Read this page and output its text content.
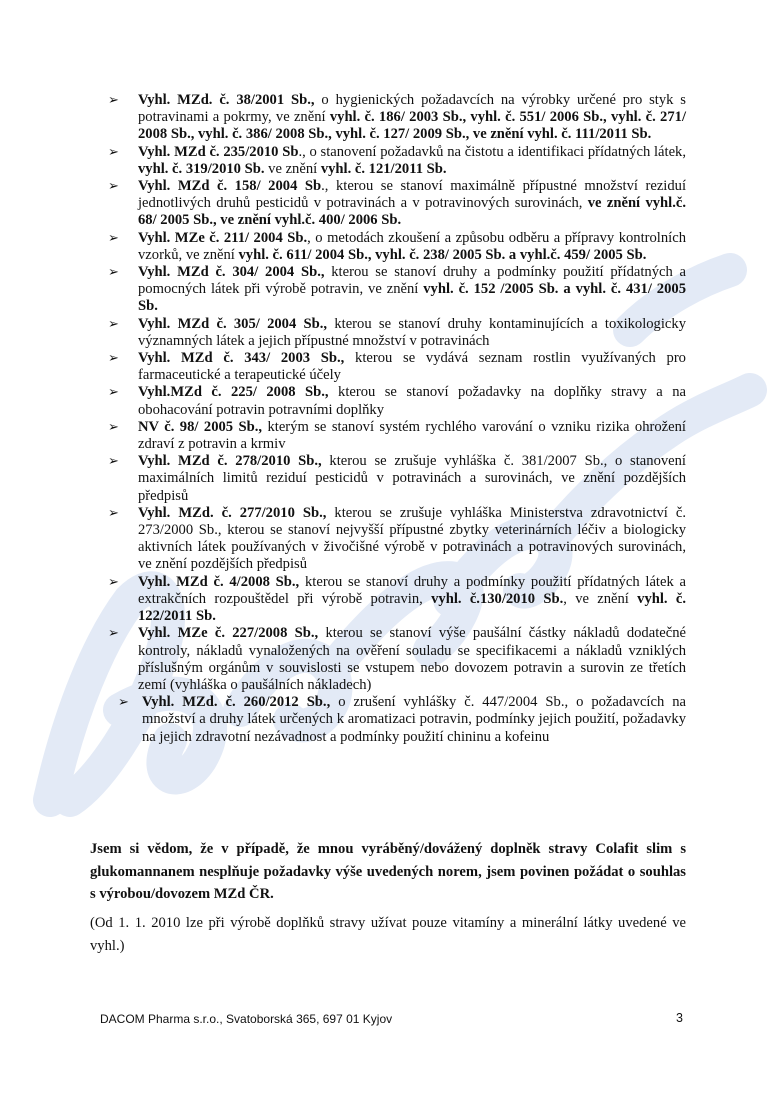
➢ Vyhl. MZd. č. 38/2001 Sb., o hygienických požadavcích na výrobky určené pro styk s potravinami a pokrmy, ve znění vyhl. č. 186/ 2003 Sb., vyhl. č. 551/ 2006 Sb., vyhl. č. 271/ 2008 Sb., vyhl. č. 386/ 2008 Sb., vyhl. č. 127/ 2009 Sb., ve znění vyhl. č. 111/2011 Sb.
➢ Vyhl. MZd č. 235/2010 Sb., o stanovení požadavků na čistotu a identifikaci přídatných látek, vyhl. č. 319/2010 Sb. ve znění vyhl. č. 121/2011 Sb.
➢ Vyhl. MZd č. 158/ 2004 Sb., kterou se stanoví maximálně přípustné množství reziduí jednotlivých druhů pesticidů v potravinách a v potravinových surovinách, ve znění vyhl.č. 68/ 2005 Sb., ve znění vyhl.č. 400/ 2006 Sb.
➢ Vyhl. MZe č. 211/ 2004 Sb., o metodách zkoušení a způsobu odběru a přípravy kontrolních vzorků, ve znění vyhl. č. 611/ 2004 Sb., vyhl. č. 238/ 2005 Sb. a vyhl.č. 459/ 2005 Sb.
➢ Vyhl. MZd č. 304/ 2004 Sb., kterou se stanoví druhy a podmínky použití přídatných a pomocných látek při výrobě potravin, ve znění vyhl. č. 152 /2005 Sb. a vyhl. č. 431/ 2005 Sb.
➢ Vyhl. MZd č. 305/ 2004 Sb., kterou se stanoví druhy kontaminujících a toxikologicky významných látek a jejich přípustné množství v potravinách
➢ Vyhl. MZd č. 343/ 2003 Sb., kterou se vydává seznam rostlin využívaných pro farmaceutické a terapeutické účely
➢ Vyhl.MZd č. 225/ 2008 Sb., kterou se stanoví požadavky na doplňky stravy a na obohacování potravin potravními doplňky
➢ NV č. 98/ 2005 Sb., kterým se stanoví systém rychlého varování o vzniku rizika ohrožení zdraví z potravin a krmiv
➢ Vyhl. MZd č. 278/2010 Sb., kterou se zrušuje vyhláška č. 381/2007 Sb., o stanovení maximálních limitů reziduí pesticidů v potravinách a surovinách, ve znění pozdějších předpisů
➢ Vyhl. MZd. č. 277/2010 Sb., kterou se zrušuje vyhláška Ministerstva zdravotnictví č. 273/2000 Sb., kterou se stanoví nejvyšší přípustné zbytky veterinárních léčiv a biologicky aktivních látek používaných v živočišné výrobě v potravinách a potravinových surovinách, ve znění pozdějších předpisů
➢ Vyhl. MZd č. 4/2008 Sb., kterou se stanoví druhy a podmínky použití přídatných látek a extrakčních rozpouštědel při výrobě potravin, vyhl. č.130/2010 Sb., ve znění vyhl. č. 122/2011 Sb.
➢ Vyhl. MZe č. 227/2008 Sb., kterou se stanoví výše paušální částky nákladů dodatečné kontroly, nákladů vynaložených na ověření souladu se specifikacemi a nákladů vzniklých příslušným orgánům v souvislosti se vstupem nebo dovozem potravin a surovin ze třetích zemí (vyhláška o paušálních nákladech)
➢ Vyhl. MZd. č. 260/2012 Sb., o zrušení vyhlášky č. 447/2004 Sb., o požadavcích na množství a druhy látek určených k aromatizaci potravin, podmínky jejich použití, požadavky na jejich zdravotní nezávadnost a podmínky použití chininu a kofeinu
Jsem si vědom, že v případě, že mnou vyráběný/dovážený doplněk stravy Colafit slim s glukomannanem nesplňuje požadavky výše uvedených norem, jsem povinen požádat o souhlas s výrobou/dovozem MZd ČR.
(Od 1. 1. 2010 lze při výrobě doplňků stravy užívat pouze vitamíny a minerální látky uvedené ve vyhl.)
DACOM Pharma s.r.o., Svatoborská 365, 697 01 Kyjov	3
